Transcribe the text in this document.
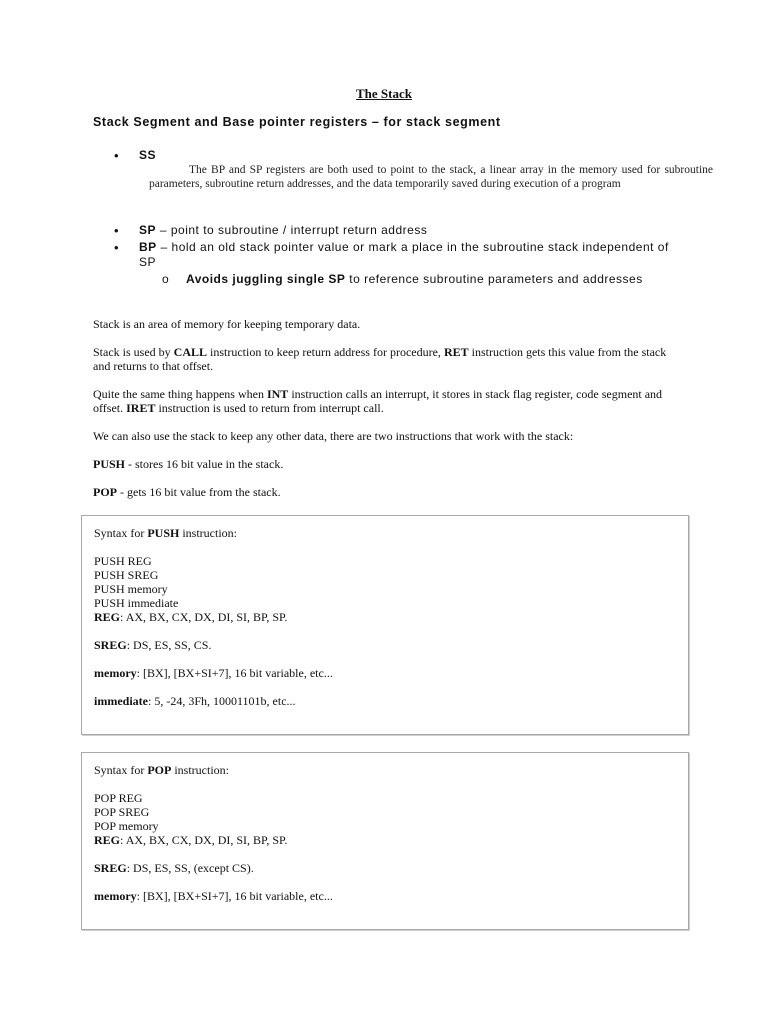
The Stack
Stack Segment and Base pointer registers – for stack segment
•	SS
The BP and SP registers are both used to point to the stack, a linear array in the memory used for subroutine parameters, subroutine return addresses, and the data temporarily saved during execution of a program
•	SP – point to subroutine / interrupt return address
•	BP – hold an old stack pointer value or mark a place in the subroutine stack independent of SP
o	Avoids juggling single SP to reference subroutine parameters and addresses
Stack is an area of memory for keeping temporary data.
Stack is used by CALL instruction to keep return address for procedure, RET instruction gets this value from the stack and returns to that offset.
Quite the same thing happens when INT instruction calls an interrupt, it stores in stack flag register, code segment and offset. IRET instruction is used to return from interrupt call.
We can also use the stack to keep any other data, there are two instructions that work with the stack:
PUSH - stores 16 bit value in the stack.
POP - gets 16 bit value from the stack.
Syntax for PUSH instruction:
PUSH REG
PUSH SREG
PUSH memory
PUSH immediate
REG: AX, BX, CX, DX, DI, SI, BP, SP.
SREG: DS, ES, SS, CS.
memory: [BX], [BX+SI+7], 16 bit variable, etc...
immediate: 5, -24, 3Fh, 10001101b, etc...
Syntax for POP instruction:
POP REG
POP SREG
POP memory
REG: AX, BX, CX, DX, DI, SI, BP, SP.
SREG: DS, ES, SS, (except CS).
memory: [BX], [BX+SI+7], 16 bit variable, etc...
